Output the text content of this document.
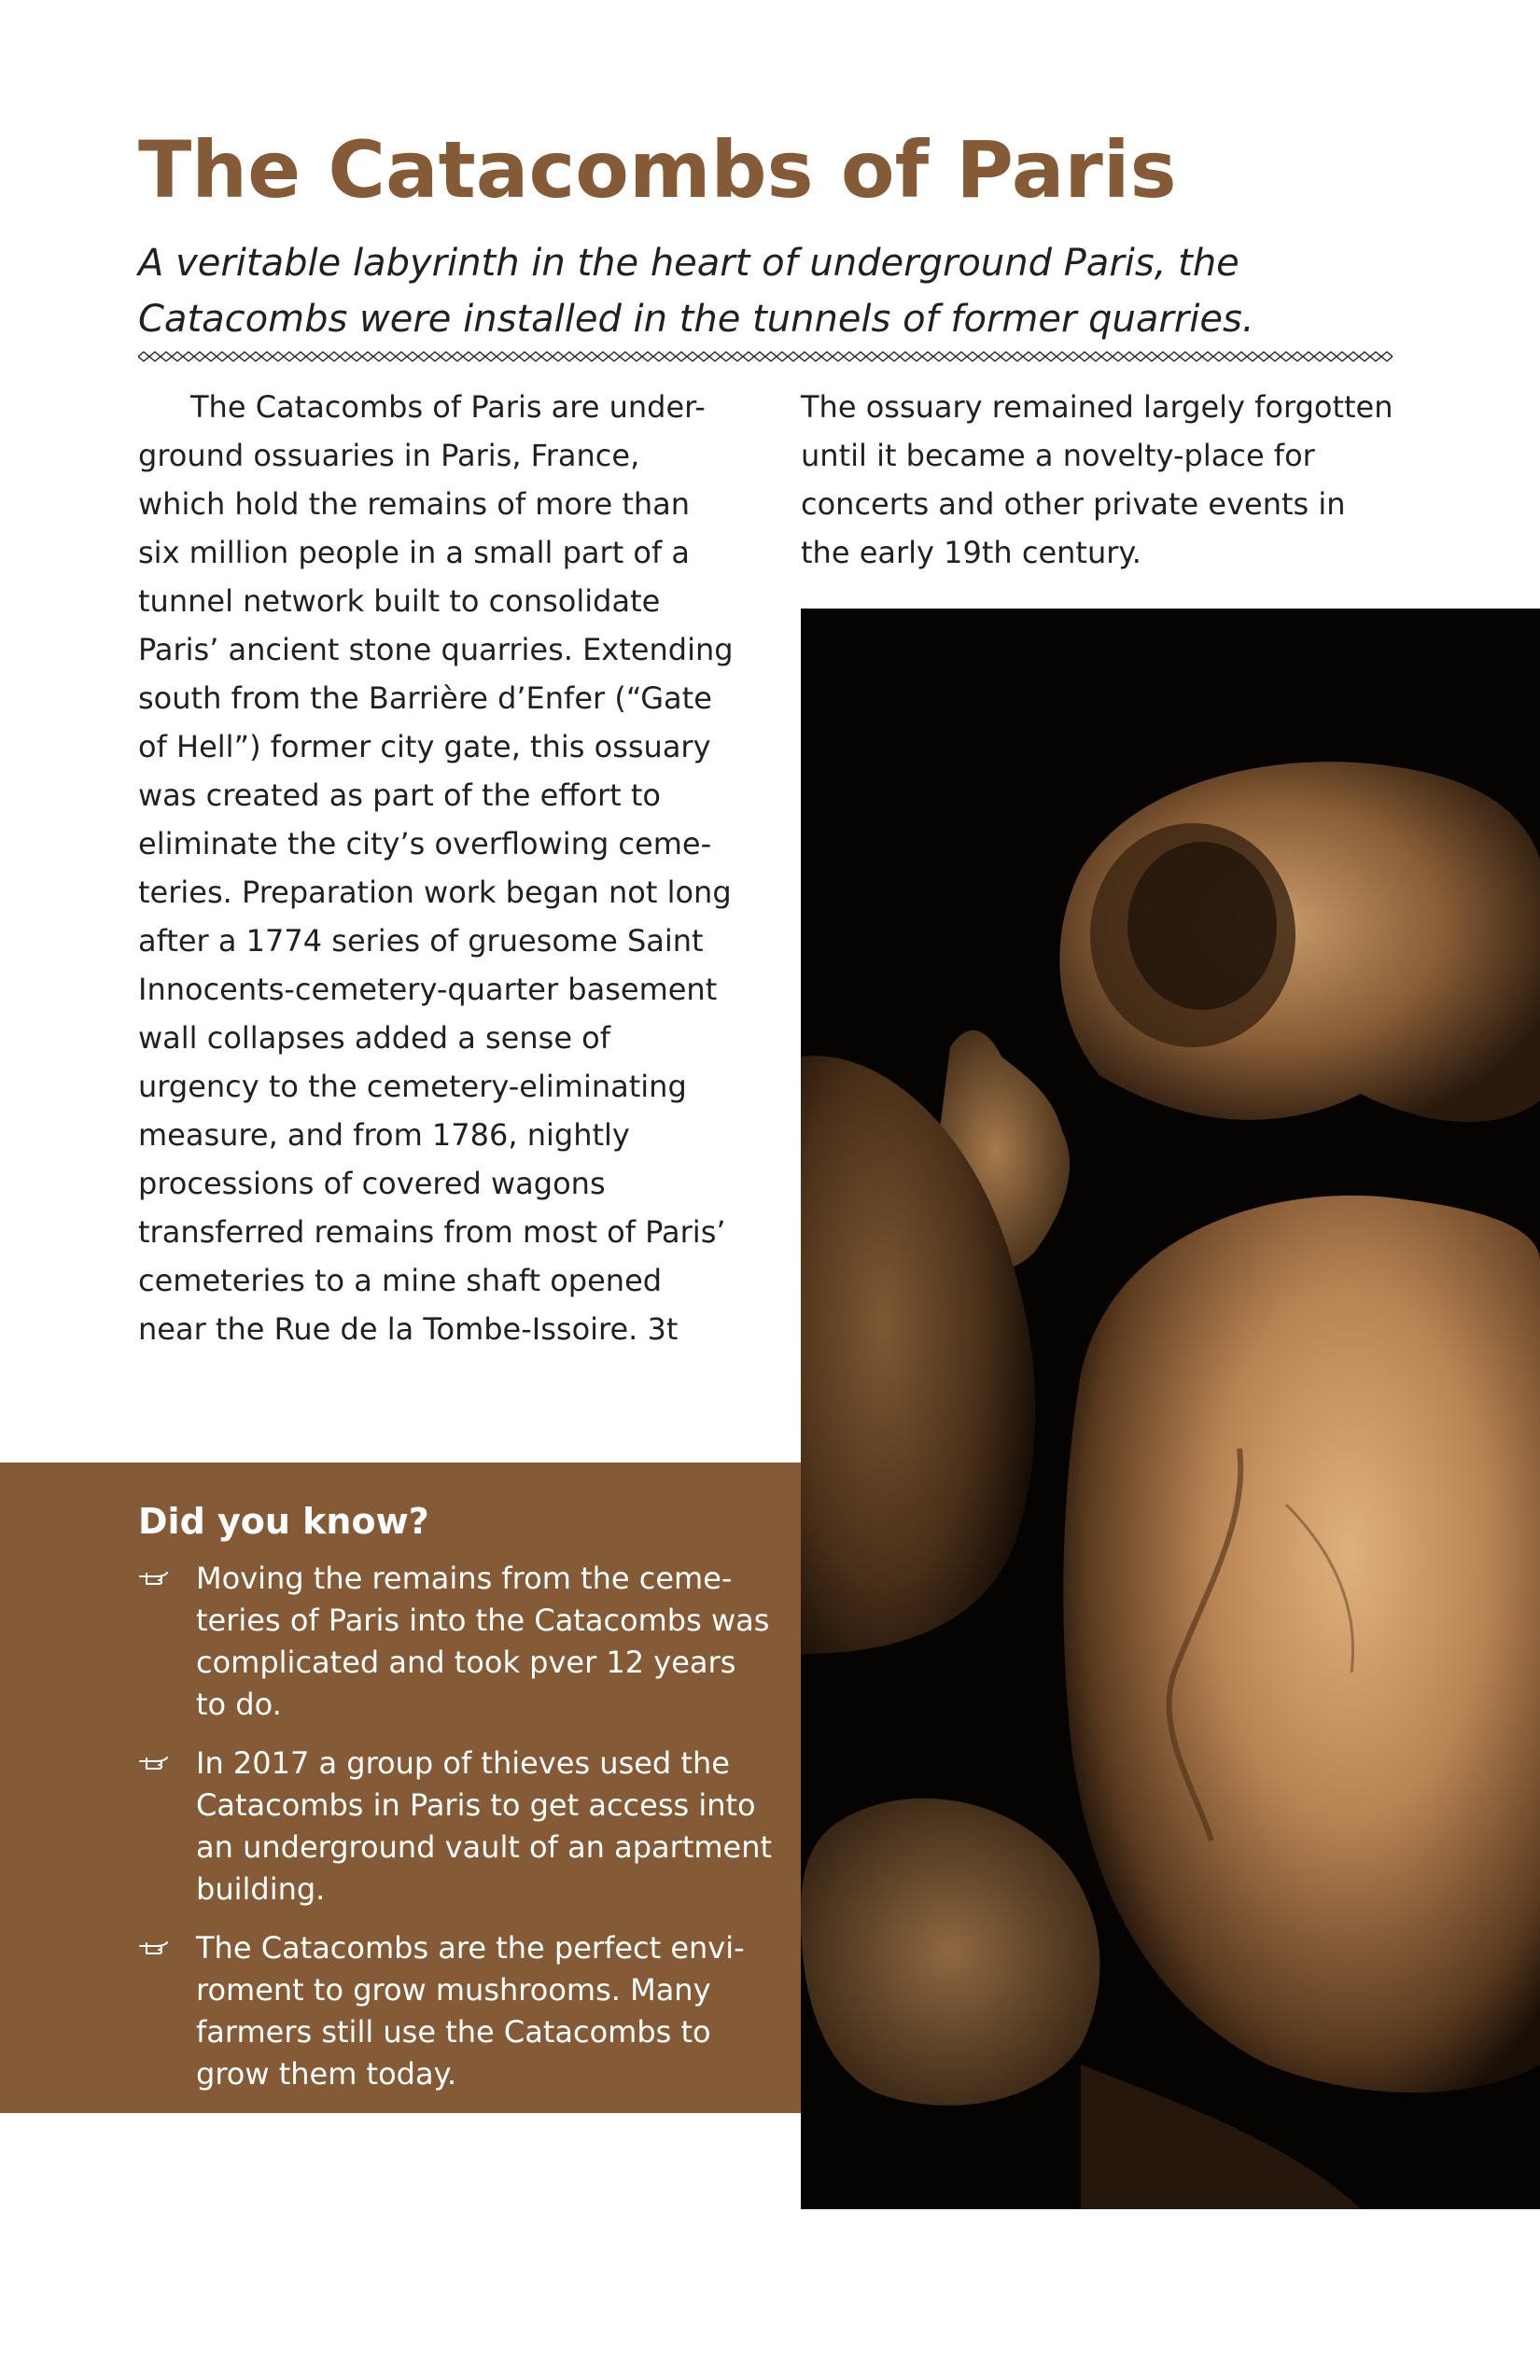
The Catacombs of Paris

A veritable labyrinth in the heart of underground Paris, the Catacombs were installed in the tunnels of former quarries.

The Catacombs of Paris are under-ground ossuaries in Paris, France, which hold the remains of more than six million people in a small part of a tunnel network built to consolidate Paris’ ancient stone quarries. Extending south from the Barrière d’Enfer (“Gate of Hell”) former city gate, this ossuary was created as part of the effort to eliminate the city’s overflowing ceme-teries. Preparation work began not long after a 1774 series of gruesome Saint Innocents-cemetery-quarter basement wall collapses added a sense of urgency to the cemetery-eliminating measure, and from 1786, nightly processions of covered wagons transferred remains from most of Paris’ cemeteries to a mine shaft opened near the Rue de la Tombe-Issoire. 3t

The ossuary remained largely forgotten until it became a novelty-place for concerts and other private events in the early 19th century.

Did you know?
Moving the remains from the ceme-teries of Paris into the Catacombs was complicated and took pver 12 years to do.
In 2017 a group of thieves used the Catacombs in Paris to get access into an underground vault of an apartment building.
The Catacombs are the perfect envi-roment to grow mushrooms. Many farmers still use the Catacombs to grow them today.
